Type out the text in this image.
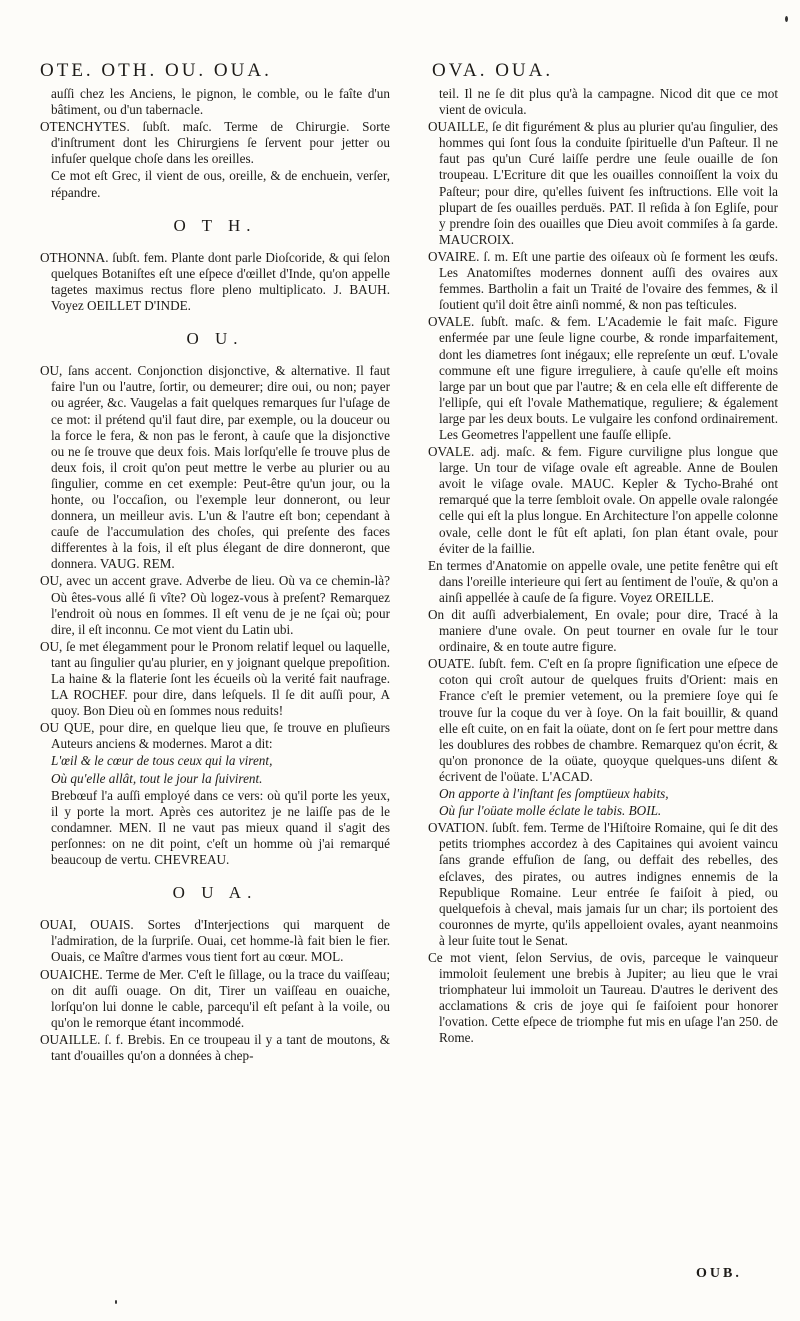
OTE. OTH. OU. OUA.	OVA. OUA.

auſſi chez les Anciens, le pignon, le comble, ou le faîte d'un bâtiment, ou d'un tabernacle.

OTENCHYTES. ſubſt. maſc. Terme de Chirurgie. Sorte d'inſtrument dont les Chirurgiens ſe ſervent pour jetter ou infuſer quelque choſe dans les oreilles.

Ce mot eſt Grec, il vient de ous, oreille, & de enchuein, verſer, répandre.

O T H.

OTHONNA. ſubſt. fem. Plante dont parle Dioſcoride, & qui ſelon quelques Botaniſtes eſt une eſpece d'œillet d'Inde, qu'on appelle tagetes maximus rectus flore pleno multiplicato. J. BAUH. Voyez OEILLET D'INDE.

O U.

OU, ſans accent. Conjonction disjonctive, & alternative. Il faut faire l'un ou l'autre, ſortir, ou demeurer; dire oui, ou non; payer ou agréer, &c. Vaugelas a fait quelques remarques ſur l'uſage de ce mot: il prétend qu'il faut dire, par exemple, ou la douceur ou la force le fera, & non pas le feront, à cauſe que la disjonctive ou ne ſe trouve que deux fois. Mais lorſqu'elle ſe trouve plus de deux fois, il croit qu'on peut mettre le verbe au plurier ou au ſingulier, comme en cet exemple: Peut-être qu'un jour, ou la honte, ou l'occaſion, ou l'exemple leur donneront, ou leur donnera, un meilleur avis. L'un & l'autre eſt bon; cependant à cauſe de l'accumulation des choſes, qui preſente des faces differentes à la fois, il eſt plus élegant de dire donneront, que donnera. VAUG. REM.

OU, avec un accent grave. Adverbe de lieu. Où va ce chemin-là? Où êtes-vous allé ſi vîte? Où logez-vous à preſent? Remarquez l'endroit où nous en ſommes. Il eſt venu de je ne ſçai où; pour dire, il eſt inconnu. Ce mot vient du Latin ubi.

OU, ſe met élegamment pour le Pronom relatif lequel ou laquelle, tant au ſingulier qu'au plurier, en y joignant quelque prepoſition. La haine & la flaterie ſont les écueils où la verité fait naufrage. LA ROCHEF. pour dire, dans leſquels. Il ſe dit auſſi pour, A quoy. Bon Dieu où en ſommes nous reduits!

OU QUE, pour dire, en quelque lieu que, ſe trouve en pluſieurs Auteurs anciens & modernes. Marot a dit:

L'œil & le cœur de tous ceux qui la virent,

Où qu'elle allât, tout le jour la ſuivirent.

Brebœuf l'a auſſi employé dans ce vers: où qu'il porte les yeux, il y porte la mort. Après ces autoritez je ne laiſſe pas de le condamner. MEN. Il ne vaut pas mieux quand il s'agit des perſonnes: on ne dit point, c'eſt un homme où j'ai remarqué beaucoup de vertu. CHEVREAU.

O U A.

OUAI, OUAIS. Sortes d'Interjections qui marquent de l'admiration, de la ſurpriſe. Ouai, cet homme-là fait bien le fier. Ouais, ce Maître d'armes vous tient fort au cœur. MOL.

OUAICHE. Terme de Mer. C'eſt le ſillage, ou la trace du vaiſſeau; on dit auſſi ouage. On dit, Tirer un vaiſſeau en ouaiche, lorſqu'on lui donne le cable, parcequ'il eſt peſant à la voile, ou qu'on le remorque étant incommodé.

OUAILLE. ſ. f. Brebis. En ce troupeau il y a tant de moutons, & tant d'ouailles qu'on a données à chep-

teil. Il ne ſe dit plus qu'à la campagne. Nicod dit que ce mot vient de ovicula.

OUAILLE, ſe dit figurément & plus au plurier qu'au ſingulier, des hommes qui ſont ſous la conduite ſpirituelle d'un Paſteur. Il ne faut pas qu'un Curé laiſſe perdre une ſeule ouaille de ſon troupeau. L'Ecriture dit que les ouailles connoiſſent la voix du Paſteur; pour dire, qu'elles ſuivent ſes inſtructions. Elle voit la plupart de ſes ouailles perduës. PAT. Il reſida à ſon Egliſe, pour y prendre ſoin des ouailles que Dieu avoit commiſes à ſa garde. MAUCROIX.

OVAIRE. ſ. m. Eſt une partie des oiſeaux où ſe forment les œufs. Les Anatomiſtes modernes donnent auſſi des ovaires aux femmes. Bartholin a fait un Traité de l'ovaire des femmes, & il ſoutient qu'il doit être ainſi nommé, & non pas teſticules.

OVALE. ſubſt. maſc. & fem. L'Academie le fait maſc. Figure enfermée par une ſeule ligne courbe, & ronde imparfaitement, dont les diametres ſont inégaux; elle repreſente un œuf. L'ovale commune eſt une figure irreguliere, à cauſe qu'elle eſt moins large par un bout que par l'autre; & en cela elle eſt differente de l'ellipſe, qui eſt l'ovale Mathematique, reguliere; & également large par les deux bouts. Le vulgaire les confond ordinairement. Les Geometres l'appellent une fauſſe ellipſe.

OVALE. adj. maſc. & fem. Figure curviligne plus longue que large. Un tour de viſage ovale eſt agreable. Anne de Boulen avoit le viſage ovale. MAUC. Kepler & Tycho-Brahé ont remarqué que la terre ſembloit ovale. On appelle ovale ralongée celle qui eſt la plus longue. En Architecture l'on appelle colonne ovale, celle dont le fût eſt aplati, ſon plan étant ovale, pour éviter de la faillie.

En termes d'Anatomie on appelle ovale, une petite fenêtre qui eſt dans l'oreille interieure qui ſert au ſentiment de l'ouïe, & qu'on a ainſi appellée à cauſe de ſa figure. Voyez OREILLE.

On dit auſſi adverbialement, En ovale; pour dire, Tracé à la maniere d'une ovale. On peut tourner en ovale ſur le tour ordinaire, & en toute autre figure.

OUATE. ſubſt. fem. C'eſt en ſa propre ſignification une eſpece de coton qui croît autour de quelques fruits d'Orient: mais en France c'eſt le premier vetement, ou la premiere ſoye qui ſe trouve ſur la coque du ver à ſoye. On la fait bouillir, & quand elle eſt cuite, on en fait la oüate, dont on ſe ſert pour mettre dans les doublures des robbes de chambre. Remarquez qu'on écrit, & qu'on prononce de la oüate, quoyque quelques-uns diſent & écrivent de l'oüate. L'ACAD.

On apporte à l'inſtant ſes ſomptüeux habits,

Où ſur l'oüate molle éclate le tabis. BOIL.

OVATION. ſubſt. fem. Terme de l'Hiſtoire Romaine, qui ſe dit des petits triomphes accordez à des Capitaines qui avoient vaincu ſans grande effuſion de ſang, ou deffait des rebelles, des eſclaves, des pirates, ou autres indignes ennemis de la Republique Romaine. Leur entrée ſe faiſoit à pied, ou quelquefois à cheval, mais jamais ſur un char; ils portoient des couronnes de myrte, qu'ils appelloient ovales, ayant neanmoins à leur ſuite tout le Senat.

Ce mot vient, ſelon Servius, de ovis, parceque le vainqueur immoloit ſeulement une brebis à Jupiter; au lieu que le vrai triomphateur lui immoloit un Taureau. D'autres le derivent des acclamations & cris de joye qui ſe faiſoient pour honorer l'ovation. Cette eſpece de triomphe fut mis en uſage l'an 250. de Rome.

OUB.
